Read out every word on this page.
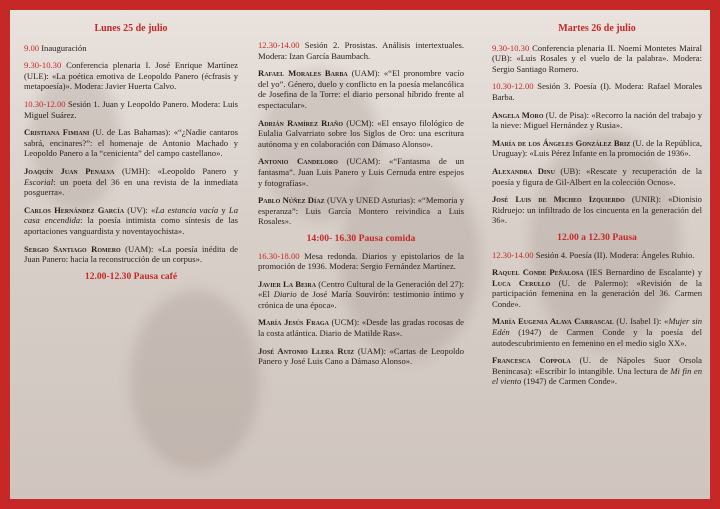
Lunes 25 de julio
9.00 Inauguración
9.30-10.30 Conferencia plenaria I. José Enrique Martínez (ULE): «La poética emotiva de Leopoldo Panero (écfrasis y metapoesía)». Modera: Javier Huerta Calvo.
10.30-12.00 Sesión 1. Juan y Leopoldo Panero. Modera: Luis Miguel Suárez.
Cristiana Fimiani (U. de Las Bahamas): «“¿Nadie cantaros sabrá, encinares?”: el homenaje de Antonio Machado y Leopoldo Panero a la “cenicienta” del campo castellano».
Joaquín Juan Penalva (UMH): «Leopoldo Panero y Escorial: un poeta del 36 en una revista de la inmediata posguerra».
Carlos Hernández García (UV): «La estancia vacía y La casa encendida: la poesía intimista como síntesis de las aportaciones vanguardista y noventayochista».
Sergio Santiago Romero (UAM): «La poesía inédita de Juan Panero: hacia la reconstrucción de un corpus».
12.00-12.30 Pausa café
12.30-14.00 Sesión 2. Prosistas. Análisis intertextuales. Modera: Izan García Baumbach.
Rafael Morales Barba (UAM): «“El pronombre vacío del yo”. Género, duelo y conflicto en la poesía melancólica de Josefina de la Torre: el diario personal híbrido frente al espectacular».
Adrián Ramírez Riaño (UCM): «El ensayo filológico de Eulalia Galvarriato sobre los Siglos de Oro: una escritura autónoma y en colaboración con Dámaso Alonso».
Antonio Candeloro (UCAM): «“Fantasma de un fantasma”. Juan Luis Panero y Luis Cernuda entre espejos y fotografías».
Pablo Núñez Díaz (UVA y UNED Asturias): «“Memoria y esperanza”: Luis García Montero reivindica a Luis Rosales».
14:00- 16.30 Pausa comida
16.30-18.00 Mesa redonda. Diarios y epistolarios de la promoción de 1936. Modera: Sergio Fernández Martínez.
Javier La Beira (Centro Cultural de la Generación del 27): «El Diario de José María Souvirón: testimonio íntimo y crónica de una época».
María Jesús Fraga (UCM): «Desde las gradas rocosas de la costa atlántica. Diario de Matilde Ras».
José Antonio Llera Ruiz (UAM): «Cartas de Leopoldo Panero y José Luis Cano a Dámaso Alonso».
Martes 26 de julio
9.30-10.30 Conferencia plenaria II. Noemí Montetes Mairal (UB): «Luis Rosales y el vuelo de la palabra». Modera: Sergio Santiago Romero.
10.30-12.00 Sesión 3. Poesía (I). Modera: Rafael Morales Barba.
Angela Moro (U. de Pisa): «Recorro la nación del trabajo y la nieve: Miguel Hernández y Rusia».
María de los Ángeles González Briz (U. de la República, Uruguay): «Luis Pérez Infante en la promoción de 1936».
Alexandra Dinu (UB): «Rescate y recuperación de la poesía y figura de Gil-Albert en la colección Ocnos».
José Luis de Micheo Izquierdo (UNIR): «Dionisio Ridruejo: un infiltrado de los cincuenta en la generación del 36».
12.00 a 12.30 Pausa
12.30-14.00 Sesión 4. Poesía (II). Modera: Ángeles Rubio.
Raquel Conde Peñalosa (IES Bernardino de Escalante) y Luca Cerullo (U. de Palermo): «Revisión de la participación femenina en la generación del 36. Carmen Conde».
María Eugenia Alava Carrascal (U. Isabel I): «Mujer sin Edén (1947) de Carmen Conde y la poesía del autodescubrimiento en femenino en el medio siglo XX».
Francesca Coppola (U. de Nápoles Suor Orsola Benincasa): «Escribir lo intangible. Una lectura de Mi fin en el viento (1947) de Carmen Conde».
